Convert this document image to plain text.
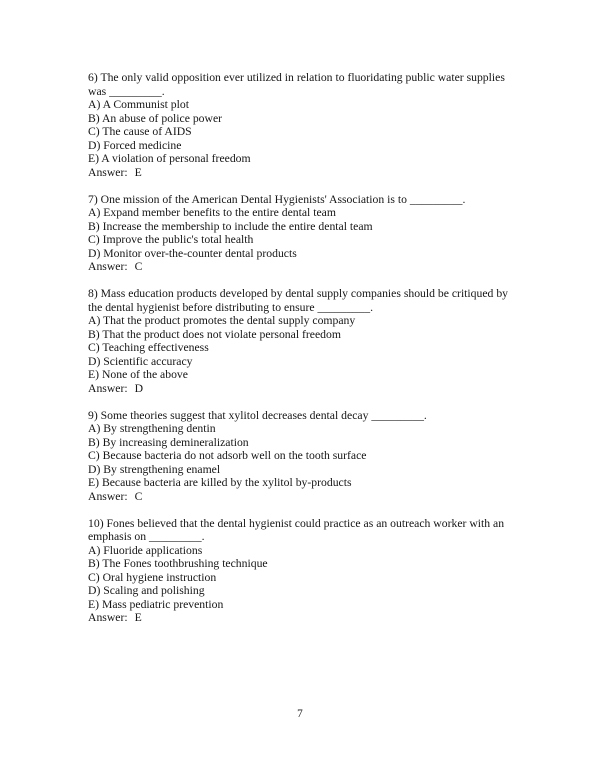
6) The only valid opposition ever utilized in relation to fluoridating public water supplies was _________.

A) A Communist plot

B) An abuse of police power

C) The cause of AIDS

D) Forced medicine

E) A violation of personal freedom

Answer: E

7) One mission of the American Dental Hygienists' Association is to _________.

A) Expand member benefits to the entire dental team

B) Increase the membership to include the entire dental team

C) Improve the public's total health

D) Monitor over-the-counter dental products

Answer: C

8) Mass education products developed by dental supply companies should be critiqued by the dental hygienist before distributing to ensure _________.

A) That the product promotes the dental supply company

B) That the product does not violate personal freedom

C) Teaching effectiveness

D) Scientific accuracy

E) None of the above

Answer: D

9) Some theories suggest that xylitol decreases dental decay _________.

A) By strengthening dentin

B) By increasing demineralization

C) Because bacteria do not adsorb well on the tooth surface

D) By strengthening enamel

E) Because bacteria are killed by the xylitol by-products

Answer: C

10) Fones believed that the dental hygienist could practice as an outreach worker with an emphasis on _________.

A) Fluoride applications

B) The Fones toothbrushing technique

C) Oral hygiene instruction

D) Scaling and polishing

E) Mass pediatric prevention

Answer: E

7
